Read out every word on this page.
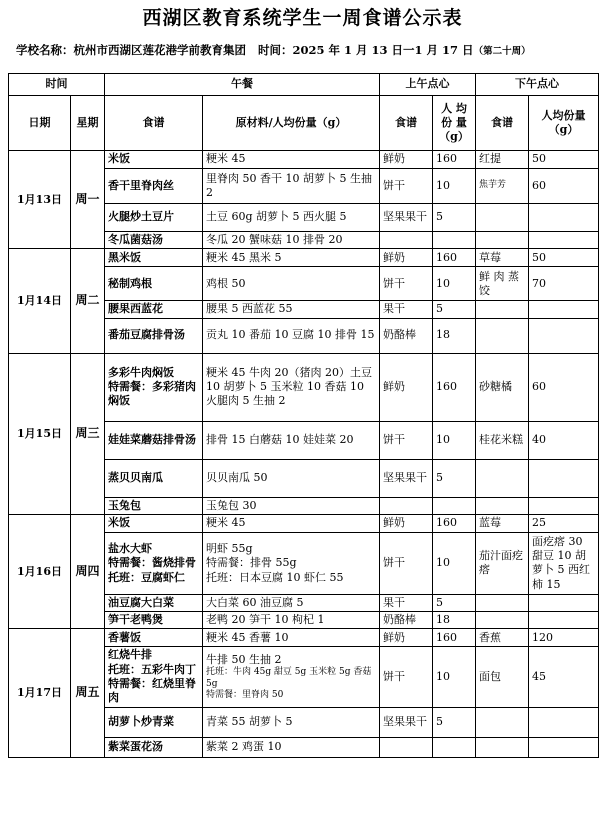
西湖区教育系统学生一周食谱公示表
学校名称：杭州市西湖区莲花港学前教育集团 时间：2025 年 1 月 13 日一1 月 17 日（第二十周）
时间		午餐		上午点心		下午点心	
日期	星期	食谱	原材料/人均份量（g）	食谱	人 均 份 量 （g）	食谱	人均份量（g）
1月13日	周一	米饭	粳米 45	鲜奶	160	红提	50

		香干里脊肉丝	里脊肉 50 香干 10 胡萝卜 5 生抽 2	饼干	10	焦芋芳	60

		火腿炒土豆片	土豆 60g 胡萝卜 5 西火腿 5	坚果果干	5		

		冬瓜菌菇汤	冬瓜 20 蟹味菇 10 排骨 20				

1月14日	周二	黑米饭	粳米 45 黑米 5	鲜奶	160	草莓	50

		秘制鸡根	鸡根 50	饼干	10	鲜 肉 蒸饺	70

		腰果西蓝花	腰果 5 西蓝花 55	果干	5		

		番茄豆腐排骨汤	贡丸 10 番茄 10 豆腐 10 排骨 15	奶酪棒	18		
1月15日	周三	多彩牛肉焖饭
特需餐：多彩猪肉焖饭	粳米 45 牛肉 20（猪肉 20）土豆 10 胡萝卜 5 玉米粒 10 香菇 10 火腿肉 5 生抽 2	鲜奶	160	砂糖橘	60

		娃娃菜蘑菇排骨汤	排骨 15 白蘑菇 10 娃娃菜 20	饼干	10	桂花米糕	40

		蒸贝贝南瓜	贝贝南瓜 50	坚果果干	5		

		玉兔包	玉兔包 30				

1月16日	周四	米饭	粳米 45	鲜奶	160	蓝莓	25

		盐水大虾
特需餐：酱烧排骨
托班：豆腐虾仁	明虾 55g
特需餐：排骨 55g
托班：日本豆腐 10 虾仁 55	饼干	10	茄汁面疙瘩	面疙瘩 30 甜豆 10 胡萝卜 5 西红柿 15

		油豆腐大白菜	大白菜 60 油豆腐 5	果干	5		

		笋干老鸭煲	老鸭 20 笋干 10 枸杞 1	奶酪棒	18		
1月17日	周五	香薯饭	粳米 45 香薯 10	鲜奶	160	香蕉	120

		红烧牛排
托班：五彩牛肉丁
特需餐：红烧里脊肉	牛排 50 生抽 2
托班：牛肉 45g 甜豆 5g 玉米粒 5g 香菇 5g
特需餐：里脊肉 50	饼干	10	面包	45

		胡萝卜炒青菜	青菜 55 胡萝卜 5	坚果果干	5		

		紫菜蛋花汤	紫菜 2 鸡蛋 10				
